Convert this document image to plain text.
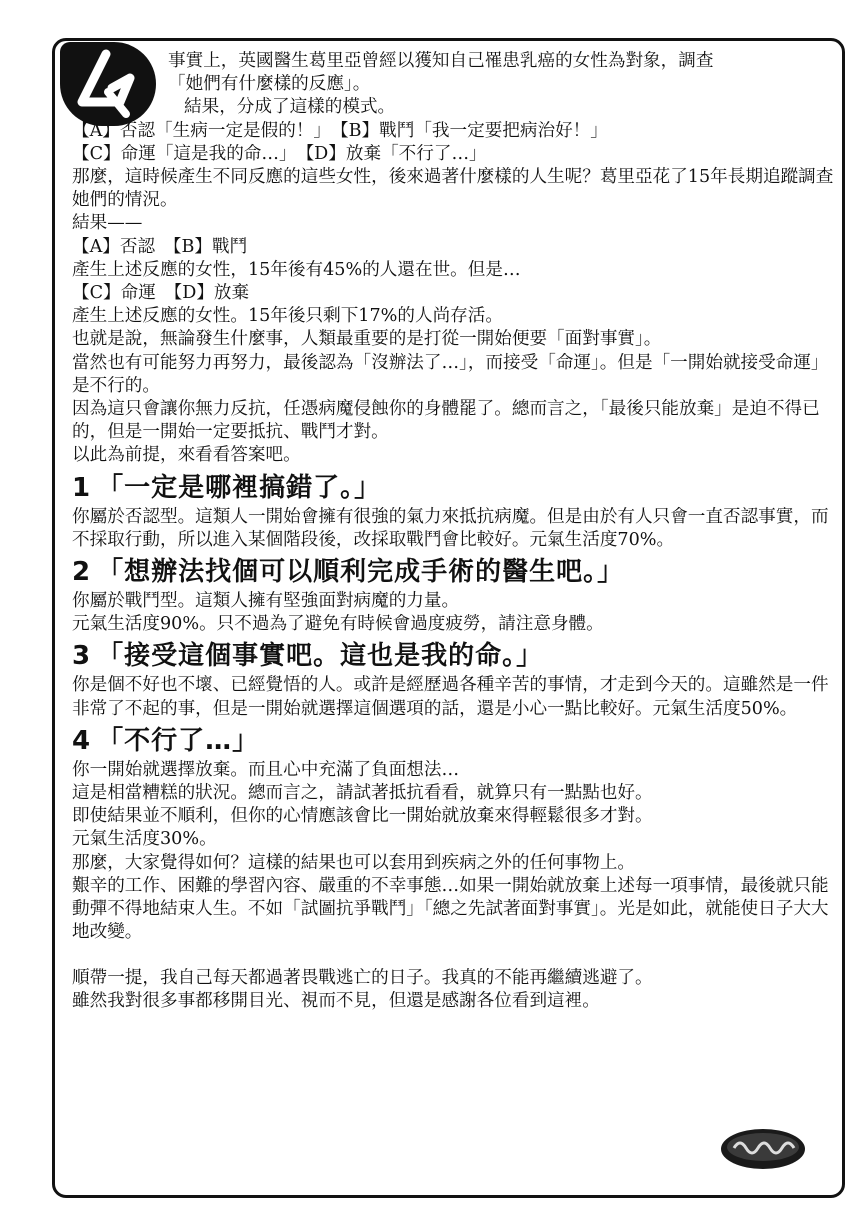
事實上，英國醫生葛里亞曾經以獲知自己罹患乳癌的女性為對象，調查

「她們有什麼樣的反應」。

結果，分成了這樣的模式。

【A】否認「生病一定是假的！」　【B】戰鬥「我一定要把病治好！」

【C】命運「這是我的命…」　【D】放棄「不行了…」

那麼，這時候產生不同反應的這些女性，後來過著什麼樣的人生呢？葛里亞花了15年長期追蹤調查她們的情況。

結果——

【A】否認　【B】戰鬥

產生上述反應的女性，15年後有45%的人還在世。但是…

【C】命運　【D】放棄

產生上述反應的女性。15年後只剩下17%的人尚存活。

也就是說，無論發生什麼事，人類最重要的是打從一開始便要「面對事實」。

當然也有可能努力再努力，最後認為「沒辦法了…」，而接受「命運」。但是「一開始就接受命運」是不行的。

因為這只會讓你無力反抗，任憑病魔侵蝕你的身體罷了。總而言之，「最後只能放棄」是迫不得已的，但是一開始一定要抵抗、戰鬥才對。

以此為前提，來看看答案吧。

1 「一定是哪裡搞錯了。」

你屬於否認型。這類人一開始會擁有很強的氣力來抵抗病魔。但是由於有人只會一直否認事實，而不採取行動，所以進入某個階段後，改採取戰鬥會比較好。元氣生活度70%。

2 「想辦法找個可以順利完成手術的醫生吧。」

你屬於戰鬥型。這類人擁有堅強面對病魔的力量。

元氣生活度90%。只不過為了避免有時候會過度疲勞，請注意身體。

3 「接受這個事實吧。這也是我的命。」

你是個不好也不壞、已經覺悟的人。或許是經歷過各種辛苦的事情，才走到今天的。這雖然是一件非常了不起的事，但是一開始就選擇這個選項的話，還是小心一點比較好。元氣生活度50%。

4 「不行了…」

你一開始就選擇放棄。而且心中充滿了負面想法…

這是相當糟糕的狀況。總而言之，請試著抵抗看看，就算只有一點點也好。

即使結果並不順利，但你的心情應該會比一開始就放棄來得輕鬆很多才對。

元氣生活度30%。

那麼，大家覺得如何？這樣的結果也可以套用到疾病之外的任何事物上。

艱辛的工作、困難的學習內容、嚴重的不幸事態…如果一開始就放棄上述每一項事情，最後就只能動彈不得地結束人生。不如「試圖抗爭戰鬥」「總之先試著面對事實」。光是如此，就能使日子大大地改變。

順帶一提，我自己每天都過著畏戰逃亡的日子。我真的不能再繼續逃避了。

雖然我對很多事都移開目光、視而不見，但還是感謝各位看到這裡。
